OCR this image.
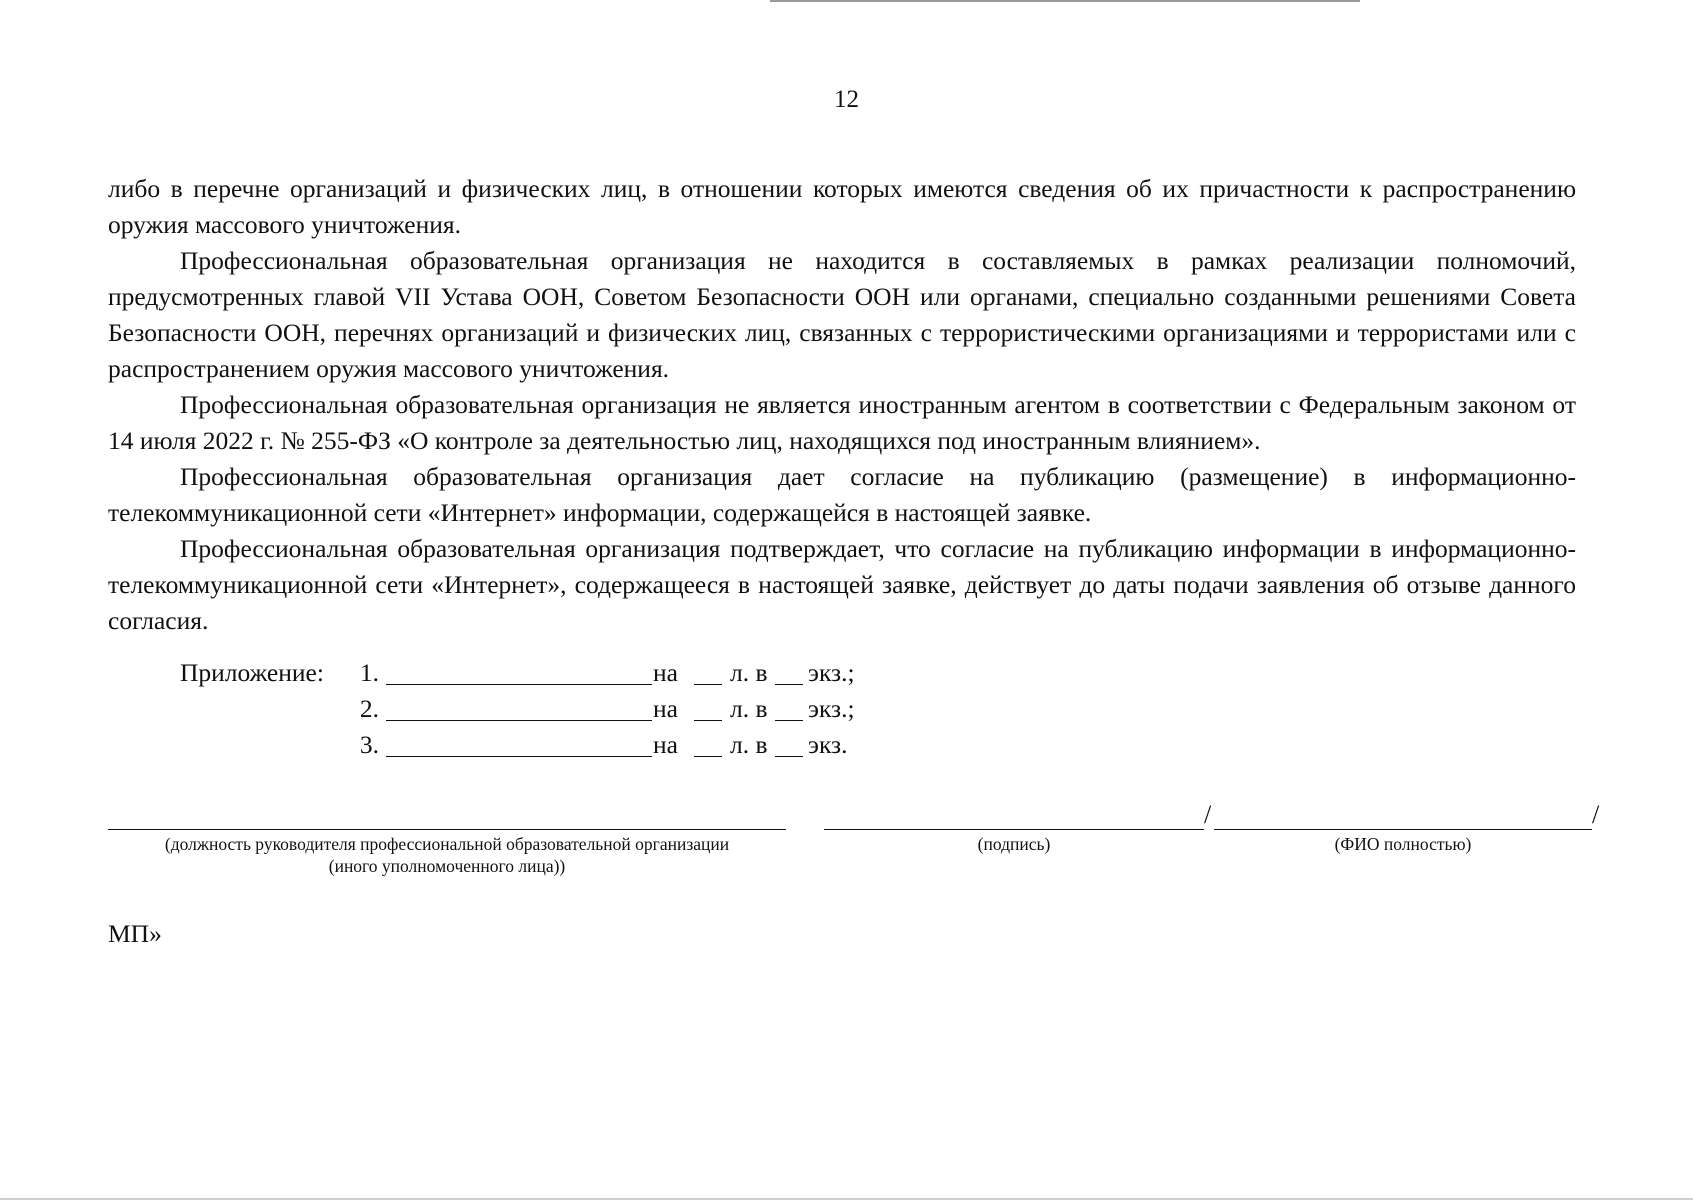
12

либо в перечне организаций и физических лиц, в отношении которых имеются сведения об их причастности к распространению оружия массового уничтожения.

Профессиональная образовательная организация не находится в составляемых в рамках реализации полномочий, предусмотренных главой VII Устава ООН, Советом Безопасности ООН или органами, специально созданными решениями Совета Безопасности ООН, перечнях организаций и физических лиц, связанных с террористическими организациями и террористами или с распространением оружия массового уничтожения.

Профессиональная образовательная организация не является иностранным агентом в соответствии с Федеральным законом от 14 июля 2022 г. № 255-ФЗ «О контроле за деятельностью лиц, находящихся под иностранным влиянием».

Профессиональная образовательная организация дает согласие на публикацию (размещение) в информационно-телекоммуникационной сети «Интернет» информации, содержащейся в настоящей заявке.

Профессиональная образовательная организация подтверждает, что согласие на публикацию информации в информационно-телекоммуникационной сети «Интернет», содержащееся в настоящей заявке, действует до даты подачи заявления об отзыве данного согласия.

Приложение: 1.	на л. в экз.;
2.	на л. в экз.;
3.	на л. в экз.
/	/
(должность руководителя профессиональной образовательной организации
(иного уполномоченного лица))
(подпись)	(ФИО полностью)
МП»
